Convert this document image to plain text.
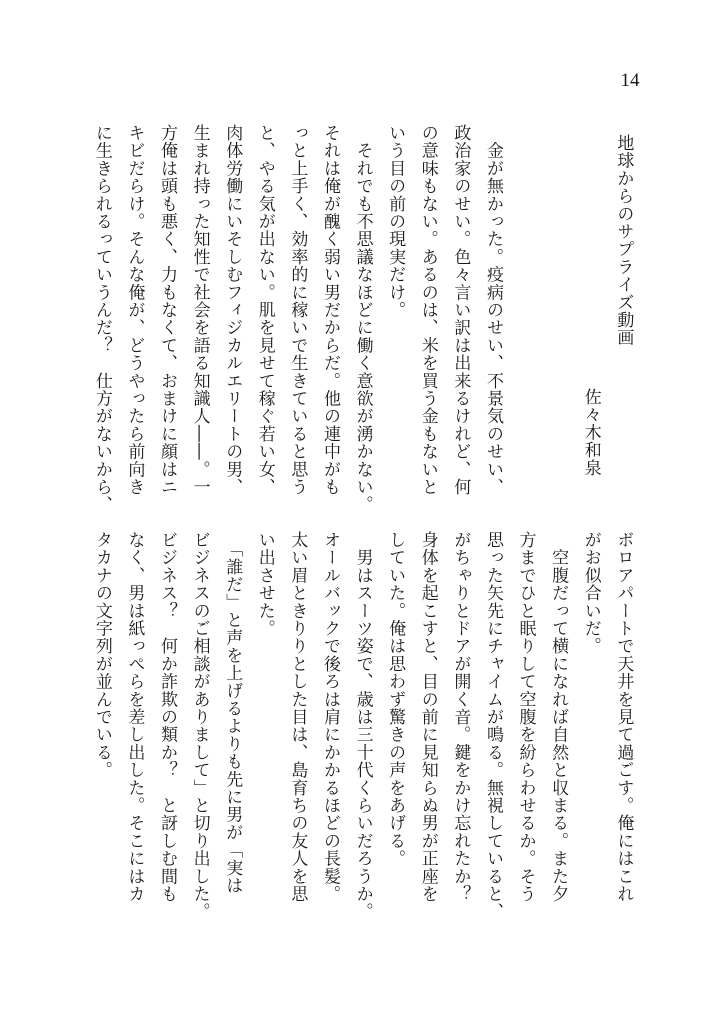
14
地球からのサプライズ動画
佐々木和泉
　金が無かった。疫病のせい、不景気のせい、
政治家のせい。色々言い訳は出来るけれど、何
の意味もない。あるのは、米を買う金もないと
いう目の前の現実だけ。
　それでも不思議なほどに働く意欲が湧かない。
それは俺が醜く弱い男だからだ。他の連中がも
っと上手く、効率的に稼いで生きていると思う
と、やる気が出ない。肌を見せて稼ぐ若い女、
肉体労働にいそしむフィジカルエリートの男、
生まれ持った知性で社会を語る知識人――。一
方俺は頭も悪く、力もなくて、おまけに顔はニ
キビだらけ。そんな俺が、どうやったら前向き
に生きられるっていうんだ？　仕方がないから、
ボロアパートで天井を見て過ごす。俺にはこれ
がお似合いだ。
　空腹だって横になれば自然と収まる。また夕
方までひと眠りして空腹を紛らわせるか。そう
思った矢先にチャイムが鳴る。無視していると、
がちゃりとドアが開く音。鍵をかけ忘れたか？
身体を起こすと、目の前に見知らぬ男が正座を
していた。俺は思わず驚きの声をあげる。
　男はスーツ姿で、歳は三十代くらいだろうか。
オールバックで後ろは肩にかかるほどの長髪。
太い眉ときりりとした目は、島育ちの友人を思
い出させた。
　「誰だ」と声を上げるよりも先に男が「実は
ビジネスのご相談がありまして」と切り出した。
ビジネス？　何か詐欺の類か？　と訝しむ間も
なく、男は紙っぺらを差し出した。そこにはカ
タカナの文字列が並んでいる。
